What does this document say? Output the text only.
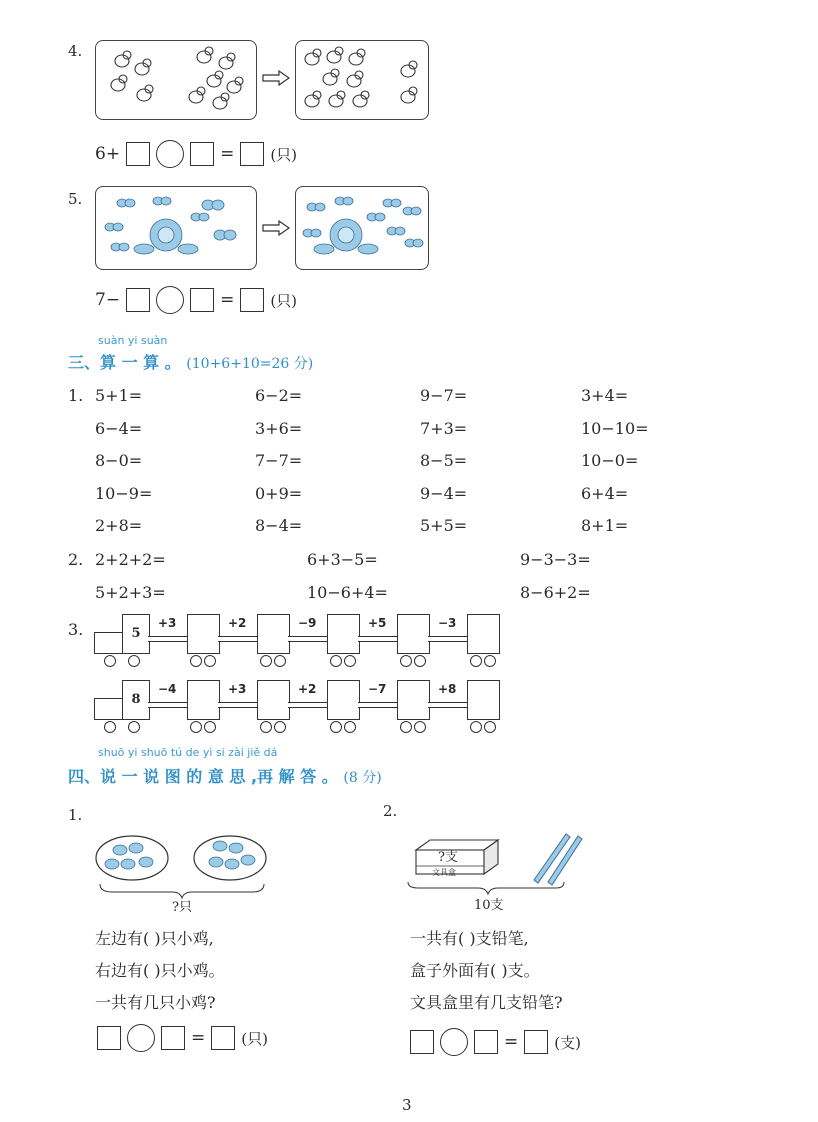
4.
6+	= (只)
5.
7−	= (只)
suàn yi suàn
三、算 一 算 。 (10+6+10=26 分)
1. 5+1=	6−2=	9−7=	3+4=
6−4=	3+6=	7+3=	10−10=
8−0=	7−7=	8−5=	10−0=
10−9=	0+9=	9−4=	6+4=
2+8=	8−4=	5+5=	8+1=
2. 2+2+2=	6+3−5=	9−3−3=
5+2+3=	10−6+4=	8−6+2=
3.	5
+3	+2	−9	+5	−3
8
−4	+3	+2	−7	+8
shuō yi shuō tú de yì si zài jiě dá
四、说 一 说 图 的 意 思 ,再 解 答 。 (8 分)
1.
?只
左边有( )只小鸡,
右边有( )只小鸡。
一共有几只小鸡?
= (只)
2.
?支
文具盒
10支
一共有( )支铅笔,
盒子外面有( )支。
文具盒里有几支铅笔?
= (支)
3
